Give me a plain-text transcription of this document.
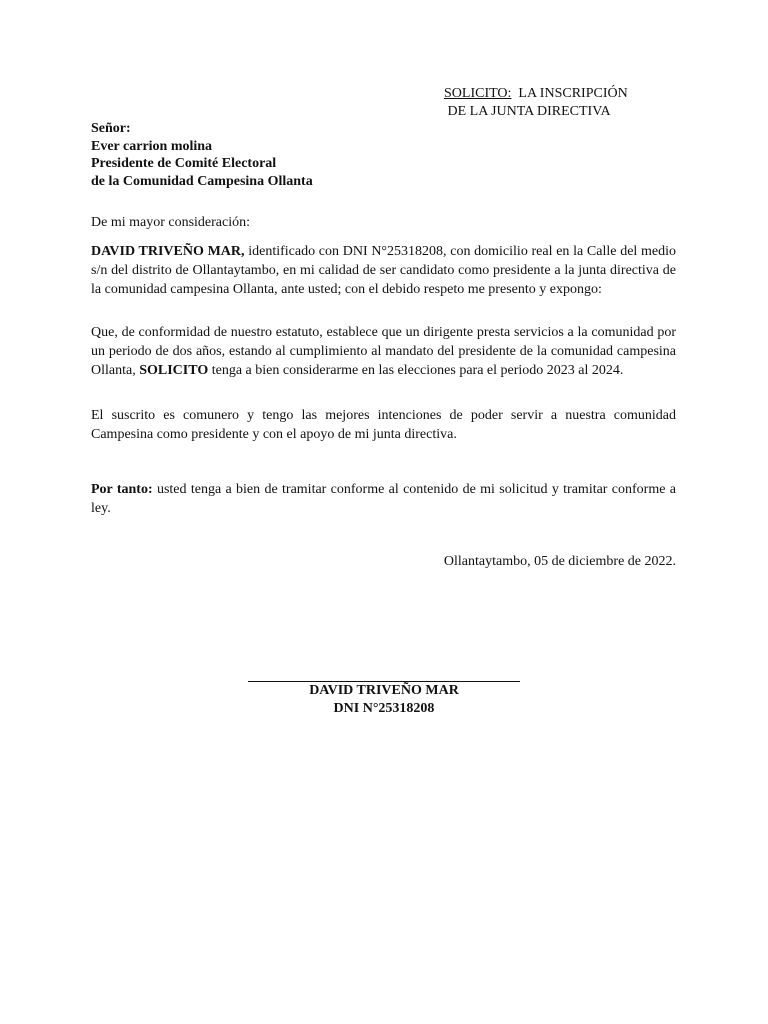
SOLICITO: LA INSCRIPCIÓN
DE LA JUNTA DIRECTIVA
Señor:
Ever carrion molina
Presidente de Comité Electoral
de la Comunidad Campesina Ollanta
De mi mayor consideración:
DAVID TRIVEÑO MAR, identificado con DNI N°25318208, con domicilio real en la Calle del medio s/n del distrito de Ollantaytambo, en mi calidad de ser candidato como presidente a la junta directiva de la comunidad campesina Ollanta, ante usted; con el debido respeto me presento y expongo:
Que, de conformidad de nuestro estatuto, establece que un dirigente presta servicios a la comunidad por un periodo de dos años, estando al cumplimiento al mandato del presidente de la comunidad campesina Ollanta, SOLICITO tenga a bien considerarme en las elecciones para el periodo 2023 al 2024.
El suscrito es comunero y tengo las mejores intenciones de poder servir a nuestra comunidad Campesina como presidente y con el apoyo de mi junta directiva.
Por tanto: usted tenga a bien de tramitar conforme al contenido de mi solicitud y tramitar conforme a ley.
Ollantaytambo, 05 de diciembre de 2022.
DAVID TRIVEÑO MAR
DNI N°25318208
